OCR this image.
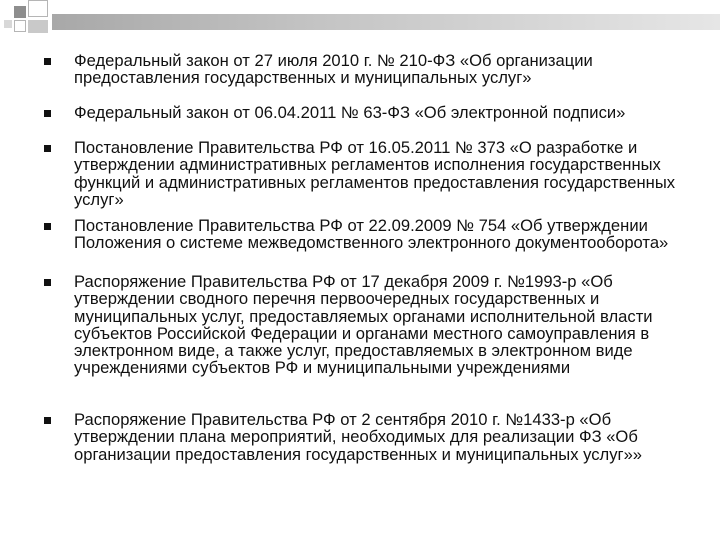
Федеральный закон от 27 июля 2010 г. № 210-ФЗ «Об организации предоставления государственных и муниципальных услуг»
Федеральный закон от 06.04.2011 № 63-ФЗ «Об электронной подписи»
Постановление Правительства РФ от 16.05.2011 № 373 «О разработке и утверждении административных регламентов исполнения государственных функций и административных регламентов предоставления государственных услуг»
Постановление Правительства РФ от 22.09.2009 № 754 «Об утверждении Положения о системе межведомственного электронного документооборота»
Распоряжение Правительства РФ от 17 декабря 2009 г. №1993-р «Об утверждении сводного перечня первоочередных государственных и муниципальных услуг, предоставляемых органами исполнительной власти субъектов Российской Федерации и органами местного самоуправления в электронном виде, а также услуг, предоставляемых в электронном виде учреждениями субъектов РФ и муниципальными учреждениями
Распоряжение Правительства РФ от 2 сентября 2010 г. №1433-р «Об утверждении плана мероприятий, необходимых для реализации ФЗ «Об организации предоставления государственных и муниципальных услуг»»
